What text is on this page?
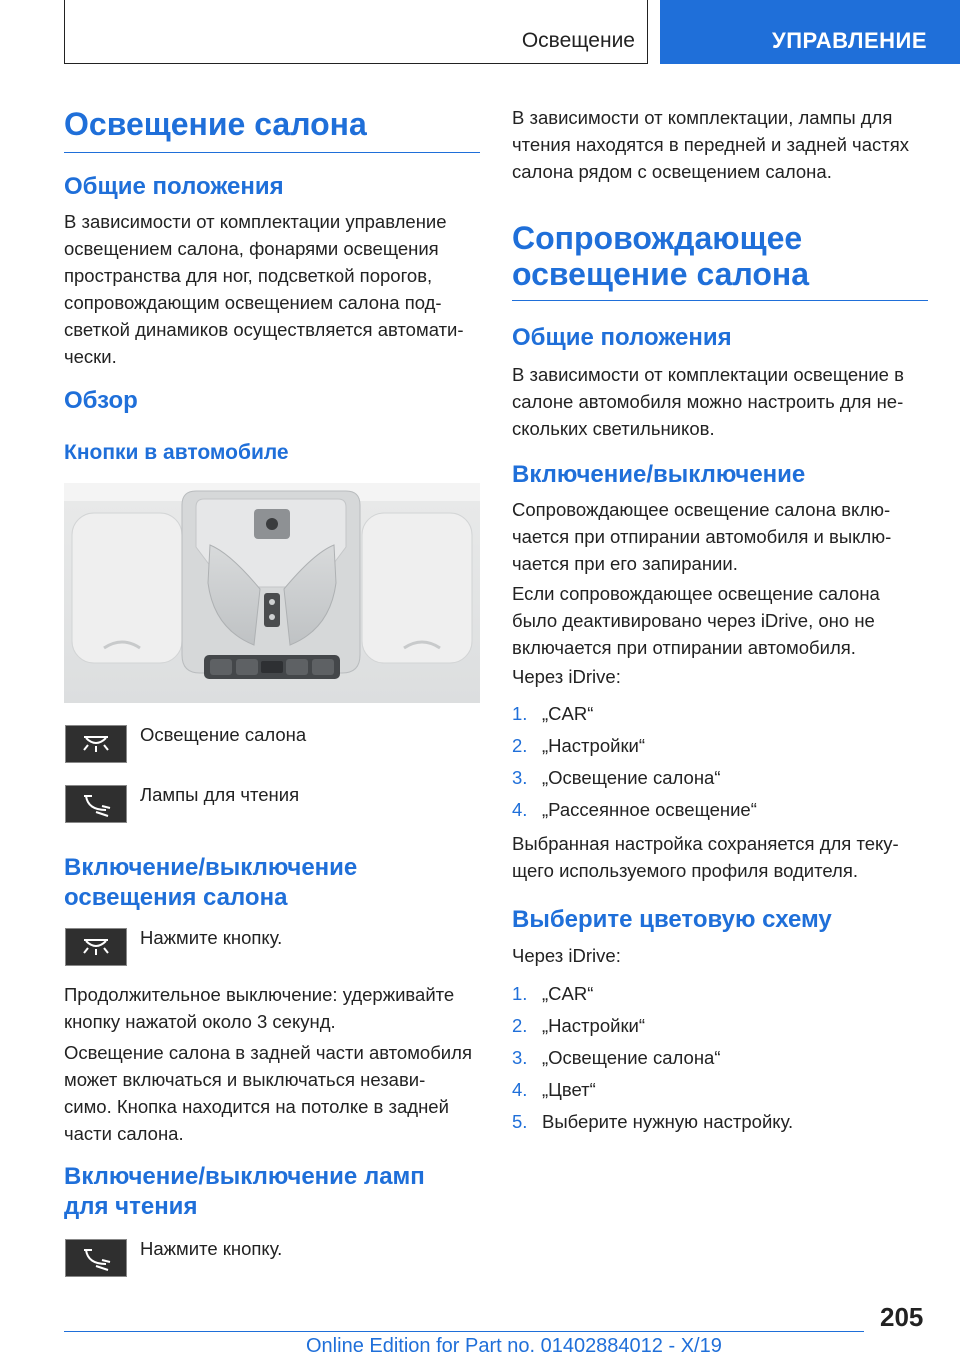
Освещение	УПРАВЛЕНИЕ
Освещение салона
Общие положения

В зависимости от комплектации управление

освещением салона, фонарями освещения

пространства для ног, подсветкой порогов,

сопровождающим освещением салона под-

светкой динамиков осуществляется автомати-

чески.

Обзор
Кнопки в автомобиле
Освещение салона
Лампы для чтения

Включение/выключение

освещения салона

Нажмите кнопку.

Продолжительное выключение: удерживайте

кнопку нажатой около 3 секунд.

Освещение салона в задней части автомобиля

может включаться и выключаться незави-

симо. Кнопка находится на потолке в задней

части салона.

Включение/выключение ламп

для чтения

Нажмите кнопку.

В зависимости от комплектации, лампы для

чтения находятся в передней и задней частях

салона рядом с освещением салона.

Сопровождающее

освещение салона

Общие положения

В зависимости от комплектации освещение в

салоне автомобиля можно настроить для не-

скольких светильников.

Включение/выключение

Сопровождающее освещение салона вклю-

чается при отпирании автомобиля и выклю-

чается при его запирании.

Если сопровождающее освещение салона

было деактивировано через iDrive, оно не

включается при отпирании автомобиля.

Через iDrive:

1. „CAR“
2. „Настройки“
3. „Освещение салона“
4. „Рассеянное освещение“

Выбранная настройка сохраняется для теку-

щего используемого профиля водителя.

Выберите цветовую схему

Через iDrive:

1. „CAR“
2. „Настройки“
3. „Освещение салона“
4. „Цвет“
5. Выберите нужную настройку.
205
Online Edition for Part no. 01402884012 - X/19
